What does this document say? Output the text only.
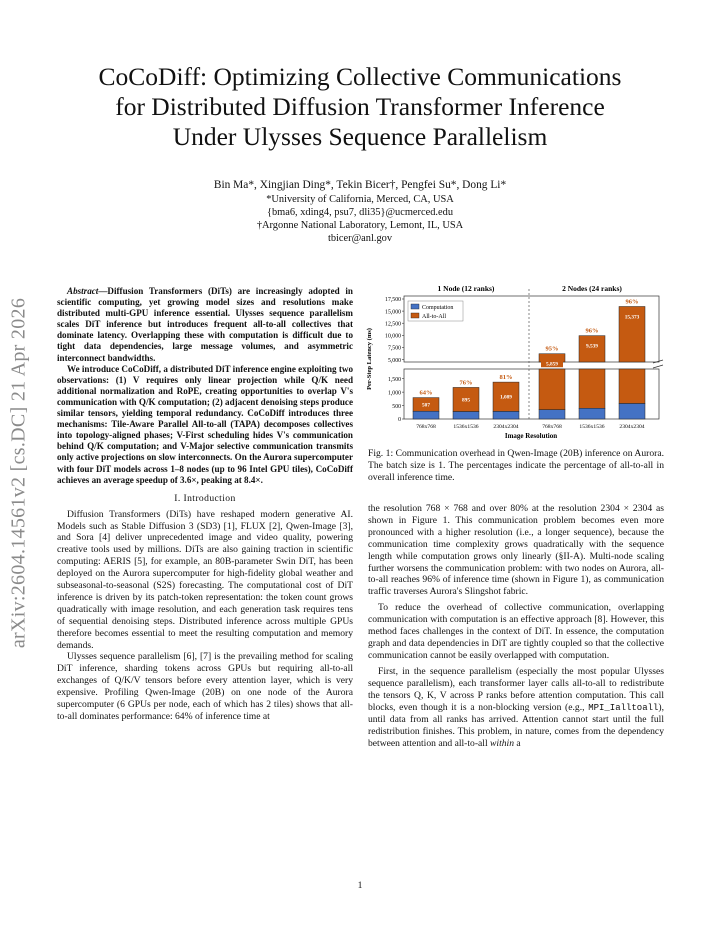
arXiv:2604.14561v2 [cs.DC] 21 Apr 2026
CoCoDiff: Optimizing Collective Communications
for Distributed Diffusion Transformer Inference
Under Ulysses Sequence Parallelism
Bin Ma*, Xingjian Ding*, Tekin Bicer†, Pengfei Su*, Dong Li*
*University of California, Merced, CA, USA
{bma6, xding4, psu7, dli35}@ucmerced.edu
†Argonne National Laboratory, Lemont, IL, USA
tbicer@anl.gov

Abstract—Diffusion Transformers (DiTs) are increasingly adopted in scientific computing, yet growing model sizes and resolutions make distributed multi-GPU inference essential. Ulysses sequence parallelism scales DiT inference but introduces frequent all-to-all collectives that dominate latency. Overlapping these with computation is difficult due to tight data dependencies, large message volumes, and asymmetric interconnect bandwidths.

We introduce CoCoDiff, a distributed DiT inference engine exploiting two observations: (1) V requires only linear projection while Q/K need additional normalization and RoPE, creating opportunities to overlap V's communication with Q/K computation; (2) adjacent denoising steps produce similar tensors, yielding temporal redundancy. CoCoDiff introduces three mechanisms: Tile-Aware Parallel All-to-all (TAPA) decomposes collectives into topology-aligned phases; V-First scheduling hides V's communication behind Q/K computation; and V-Major selective communication transmits only active projections on slow interconnects. On the Aurora supercomputer with four DiT models across 1–8 nodes (up to 96 Intel GPU tiles), CoCoDiff achieves an average speedup of 3.6×, peaking at 8.4×.

I. Introduction

Diffusion Transformers (DiTs) have reshaped modern generative AI. Models such as Stable Diffusion 3 (SD3) [1], FLUX [2], Qwen-Image [3], and Sora [4] deliver unprecedented image and video quality, powering creative tools used by millions. DiTs are also gaining traction in scientific computing: AERIS [5], for example, an 80B-parameter Swin DiT, has been deployed on the Aurora supercomputer for high-fidelity global weather and subseasonal-to-seasonal (S2S) forecasting. The computational cost of DiT inference is driven by its patch-token representation: the token count grows quadratically with image resolution, and each generation task requires tens of sequential denoising steps. Distributed inference across multiple GPUs therefore becomes essential to meet the resulting computation and memory demands.

Ulysses sequence parallelism [6], [7] is the prevailing method for scaling DiT inference, sharding tokens across GPUs but requiring all-to-all exchanges of Q/K/V tensors before every attention layer, which is very expensive. Profiling Qwen-Image (20B) on one node of the Aurora supercomputer (6 GPUs per node, each of which has 2 tiles) shows that all-to-all dominates performance: 64% of inference time at

1 Node (12 ranks)	2 Nodes (24 ranks)
0
500
1,000
1,500
5,000
7,500
10,000
12,500
15,000
17,500
Per-Step Latency (ms)
Image Resolution
507
64%
768x768
895
76%
1536x1536
1,089
81%
2304x2304
5,859
95%
768x768
9,539
96%
1536x1536
15,373
96%
2304x2304
Computation
All-to-All
Fig. 1: Communication overhead in Qwen-Image (20B) inference on Aurora. The batch size is 1. The percentages indicate the percentage of all-to-all in overall inference time.

the resolution 768 × 768 and over 80% at the resolution 2304 × 2304 as shown in Figure 1. This communication problem becomes even more pronounced with a higher resolution (i.e., a longer sequence), because the communication time complexity grows quadratically with the sequence length while computation grows only linearly (§II-A). Multi-node scaling further worsens the communication problem: with two nodes on Aurora, all-to-all reaches 96% of inference time (shown in Figure 1), as communication traffic traverses Aurora's Slingshot fabric.

To reduce the overhead of collective communication, overlapping communication with computation is an effective approach [8]. However, this method faces challenges in the context of DiT. In essence, the computation graph and data dependencies in DiT are tightly coupled so that the collective communication cannot be easily overlapped with computation.

First, in the sequence parallelism (especially the most popular Ulysses sequence parallelism), each transformer layer calls all-to-all to redistribute the tensors Q, K, V across P ranks before attention computation. This call blocks, even though it is a non-blocking version (e.g., MPI_Ialltoall), until data from all ranks has arrived. Attention cannot start until the full redistribution finishes. This problem, in nature, comes from the dependency between attention and all-to-all within a

1
